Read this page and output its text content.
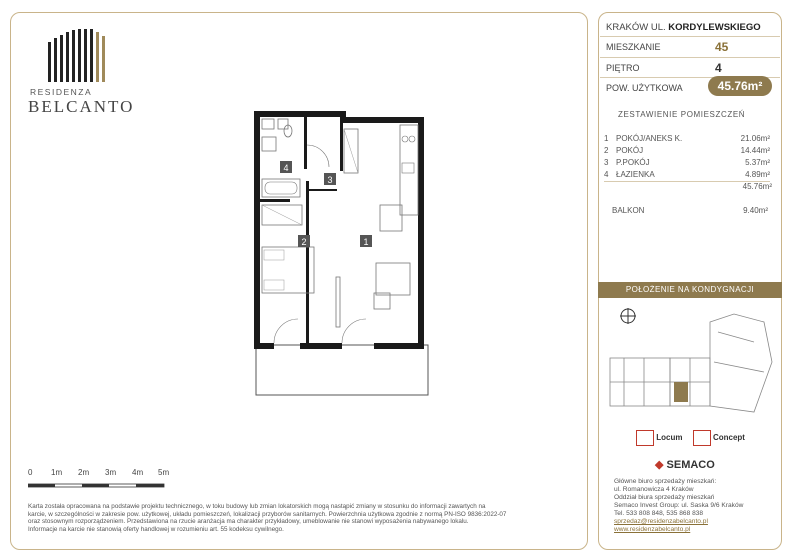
RESIDENZA
BELCANTO
1
2
3
4
0 1m 2m 3m 4m 5m
Karta została opracowana na podstawie projektu technicznego, w toku budowy lub zmian lokatorskich mogą nastąpić zmiany w stosunku do informacji zawartych na
karcie, w szczególności w zakresie pow. użytkowej, układu pomieszczeń, lokalizacji przyborów sanitarnych. Powierzchnia użytkowa zgodnie z normą PN-ISO 9836:2022-07
oraz stosownym rozporządzeniem. Przedstawiona na rzucie aranżacja ma charakter przykładowy, umeblowanie nie stanowi wyposażenia nabywanego lokalu.
Informacje na karcie nie stanowią oferty handlowej w rozumieniu art. 55 kodeksu cywilnego.
KRAKÓW UL. KORDYLEWSKIEGO
MIESZKANIE	45
PIĘTRO	4
POW. UŻYTKOWA	45.76m²
ZESTAWIENIE POMIESZCZEŃ
1 POKÓJ/ANEKS K.	21.06m²
2 POKÓJ	14.44m²
3 P.POKÓJ	5.37m²
4 ŁAZIENKA	4.89m²
45.76m²
BALKON	9.40m²
POŁOŻENIE NA KONDYGNACJI
Locum	Concept
◆ SEMACO
Główne biuro sprzedaży mieszkań:
ul. Romanowicza 4 Kraków
Oddział biura sprzedaży mieszkań
Semaco Invest Group: ul. Saska 9/6 Kraków
Tel. 533 808 848, 535 868 838
sprzedaz@residenzabelcanto.pl
www.residenzabelcanto.pl
